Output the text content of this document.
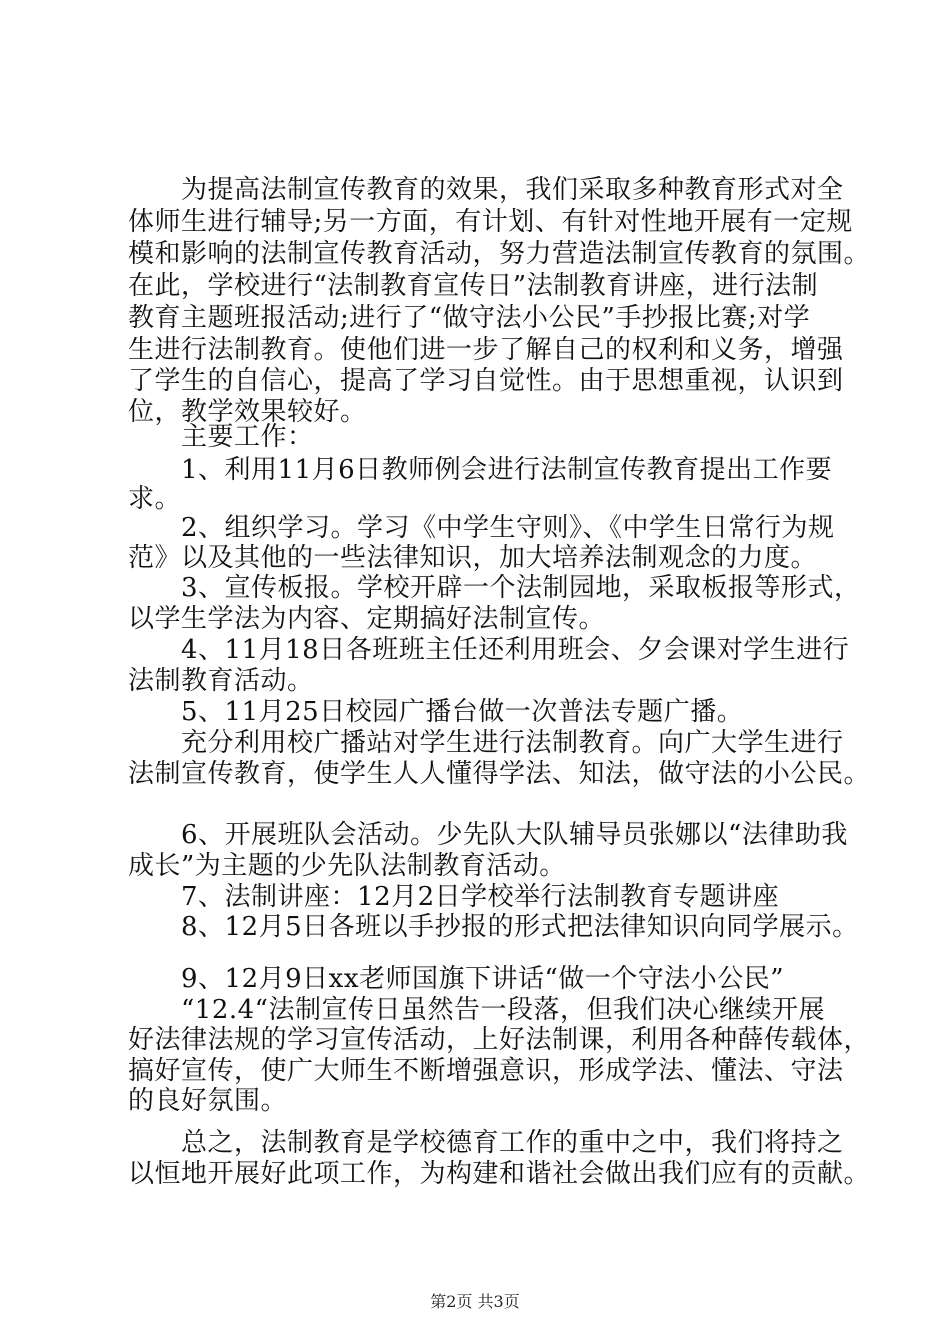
　　为提高法制宣传教育的效果，我们采取多种教育形式对全
体师生进行辅导;另一方面，有计划、有针对性地开展有一定规
模和影响的法制宣传教育活动，努力营造法制宣传教育的氛围。
在此，学校进行“法制教育宣传日”法制教育讲座，进行法制
教育主题班报活动;进行了“做守法小公民”手抄报比赛;对学
生进行法制教育。使他们进一步了解自己的权利和义务，增强
了学生的自信心，提高了学习自觉性。由于思想重视，认识到
位，教学效果较好。
　　主要工作：
　　1、利用11月6日教师例会进行法制宣传教育提出工作要
求。
　　2、组织学习。学习《中学生守则》、《中学生日常行为规
范》以及其他的一些法律知识，加大培养法制观念的力度。
　　3、宣传板报。学校开辟一个法制园地，采取板报等形式，
以学生学法为内容、定期搞好法制宣传。
　　4、11月18日各班班主任还利用班会、夕会课对学生进行
法制教育活动。
　　5、11月25日校园广播台做一次普法专题广播。
　　充分利用校广播站对学生进行法制教育。向广大学生进行
法制宣传教育，使学生人人懂得学法、知法，做守法的小公民。
　　6、开展班队会活动。少先队大队辅导员张娜以“法律助我
成长”为主题的少先队法制教育活动。
　　7、法制讲座：12月2日学校举行法制教育专题讲座
　　8、12月5日各班以手抄报的形式把法律知识向同学展示。
　　9、12月9日xx老师国旗下讲话“做一个守法小公民”
　　“12.4“法制宣传日虽然告一段落，但我们决心继续开展
好法律法规的学习宣传活动，上好法制课，利用各种薛传载体，
搞好宣传，使广大师生不断增强意识，形成学法、懂法、守法
的良好氛围。
　　总之，法制教育是学校德育工作的重中之中，我们将持之
以恒地开展好此项工作，为构建和谐社会做出我们应有的贡献。
第2页 共3页
